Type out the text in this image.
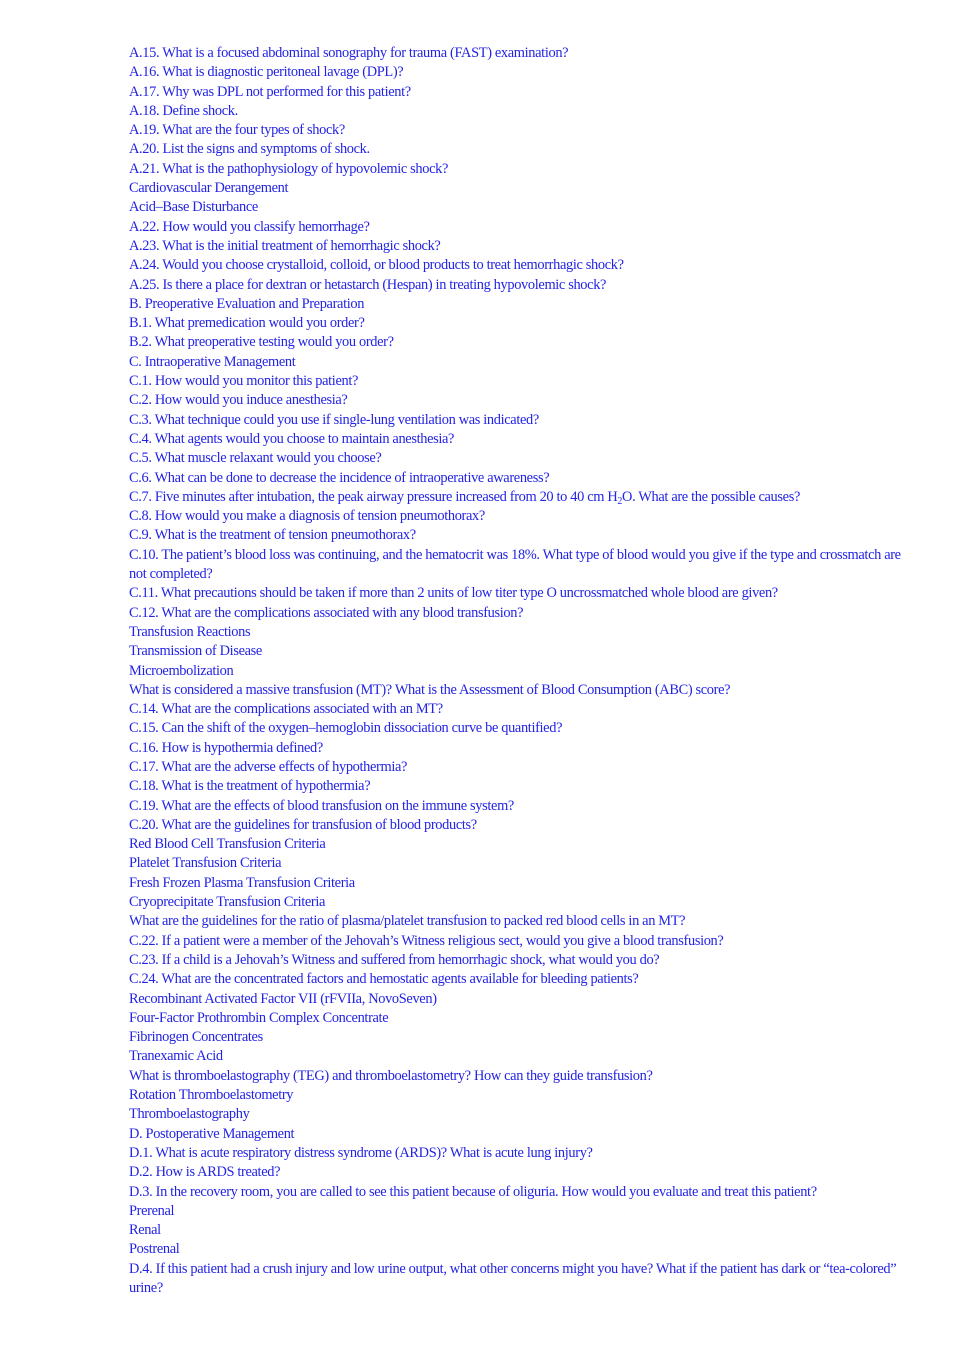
A.15. What is a focused abdominal sonography for trauma (FAST) examination?
A.16. What is diagnostic peritoneal lavage (DPL)?
A.17. Why was DPL not performed for this patient?
A.18. Define shock.
A.19. What are the four types of shock?
A.20. List the signs and symptoms of shock.
A.21. What is the pathophysiology of hypovolemic shock?
Cardiovascular Derangement
Acid–Base Disturbance
A.22. How would you classify hemorrhage?
A.23. What is the initial treatment of hemorrhagic shock?
A.24. Would you choose crystalloid, colloid, or blood products to treat hemorrhagic shock?
A.25. Is there a place for dextran or hetastarch (Hespan) in treating hypovolemic shock?
B. Preoperative Evaluation and Preparation
B.1. What premedication would you order?
B.2. What preoperative testing would you order?
C. Intraoperative Management
C.1. How would you monitor this patient?
C.2. How would you induce anesthesia?
C.3. What technique could you use if single-lung ventilation was indicated?
C.4. What agents would you choose to maintain anesthesia?
C.5. What muscle relaxant would you choose?
C.6. What can be done to decrease the incidence of intraoperative awareness?
C.7. Five minutes after intubation, the peak airway pressure increased from 20 to 40 cm $H_2O$. What are the possible causes?
C.8. How would you make a diagnosis of tension pneumothorax?
C.9. What is the treatment of tension pneumothorax?
C.10. The patient’s blood loss was continuing, and the hematocrit was 18%. What type of blood would you give if the type and crossmatch are not completed?
C.11. What precautions should be taken if more than 2 units of low titer type O uncrossmatched whole blood are given?
C.12. What are the complications associated with any blood transfusion?
Transfusion Reactions
Transmission of Disease
Microembolization
What is considered a massive transfusion (MT)? What is the Assessment of Blood Consumption (ABC) score?
C.14. What are the complications associated with an MT?
C.15. Can the shift of the oxygen–hemoglobin dissociation curve be quantified?
C.16. How is hypothermia defined?
C.17. What are the adverse effects of hypothermia?
C.18. What is the treatment of hypothermia?
C.19. What are the effects of blood transfusion on the immune system?
C.20. What are the guidelines for transfusion of blood products?
Red Blood Cell Transfusion Criteria
Platelet Transfusion Criteria
Fresh Frozen Plasma Transfusion Criteria
Cryoprecipitate Transfusion Criteria
What are the guidelines for the ratio of plasma/platelet transfusion to packed red blood cells in an MT?
C.22. If a patient were a member of the Jehovah’s Witness religious sect, would you give a blood transfusion?
C.23. If a child is a Jehovah’s Witness and suffered from hemorrhagic shock, what would you do?
C.24. What are the concentrated factors and hemostatic agents available for bleeding patients?
Recombinant Activated Factor VII (rFVIIa, NovoSeven)
Four-Factor Prothrombin Complex Concentrate
Fibrinogen Concentrates
Tranexamic Acid
What is thromboelastography (TEG) and thromboelastometry? How can they guide transfusion?
Rotation Thromboelastometry
Thromboelastography
D. Postoperative Management
D.1. What is acute respiratory distress syndrome (ARDS)? What is acute lung injury?
D.2. How is ARDS treated?
D.3. In the recovery room, you are called to see this patient because of oliguria. How would you evaluate and treat this patient?
Prerenal
Renal
Postrenal
D.4. If this patient had a crush injury and low urine output, what other concerns might you have? What if the patient has dark or “tea-colored” urine?
